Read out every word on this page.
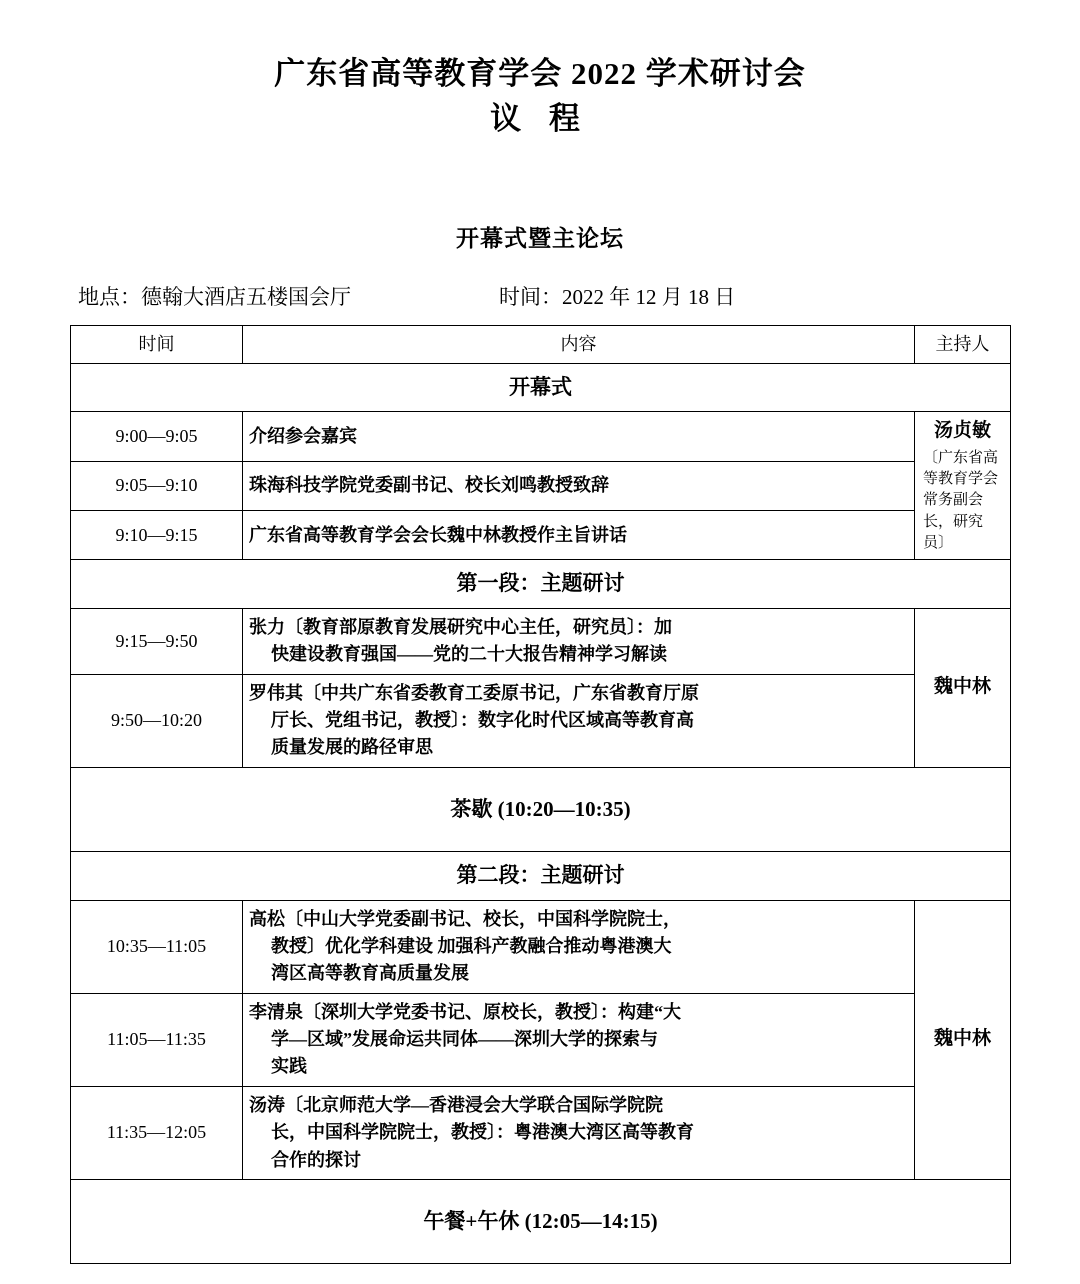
广东省高等教育学会 2022 学术研讨会
议 程
开幕式暨主论坛
地点：德翰大酒店五楼国会厅	时间：2022 年 12 月 18 日
时间	内容	主持人
开幕式		
9:00—9:05	介绍参会嘉宾	汤贞敏
〔广东省高等教育学会常务副会长，研究员〕

9:05—9:10	珠海科技学院党委副书记、校长刘鸣教授致辞	

9:10—9:15	广东省高等教育学会会长魏中林教授作主旨讲话	

第一段：主题研讨		
9:15—9:50	张力〔教育部原教育发展研究中心主任，研究员〕：加
快建设教育强国——党的二十大报告精神学习解读	魏中林

9:50—10:20	罗伟其〔中共广东省委教育工委原书记，广东省教育厅原
厅长、党组书记，教授〕：数字化时代区域高等教育高
质量发展的路径审思	

茶歇 (10:20—10:35)		
第二段：主题研讨		
10:35—11:05	高松〔中山大学党委副书记、校长，中国科学院院士，
教授〕优化学科建设 加强科产教融合推动粤港澳大
湾区高等教育高质量发展	魏中林

11:05—11:35	李清泉〔深圳大学党委书记、原校长，教授〕：构建“大
学—区域”发展命运共同体——深圳大学的探索与
实践	

11:35—12:05	汤涛〔北京师范大学—香港浸会大学联合国际学院院
长，中国科学院院士，教授〕：粤港澳大湾区高等教育
合作的探讨	

午餐+午休 (12:05—14:15)		
